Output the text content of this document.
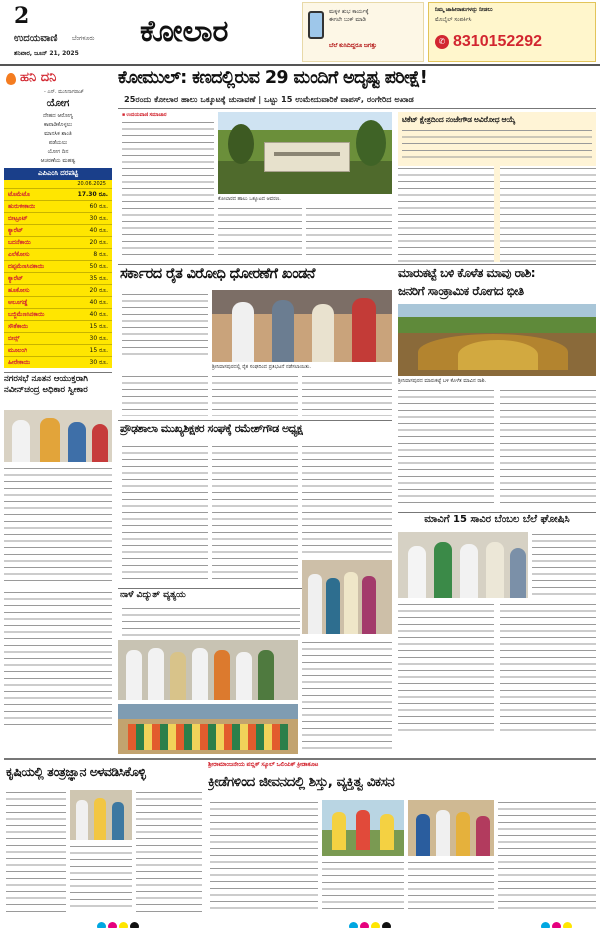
2
ಉದಯವಾಣಿ ಬೆಂಗಳೂರು
ಶನಿವಾರ, ಜೂನ್ 21, 2025
ಕೋಲಾರ
ಮಕ್ಕಳ ಶುಭ ಕಾರ್ಯಕ್ಕೆ
ಈಗಲೇ ಬುಕ್ ಮಾಡಿ
ಬೆಲೆ ಕುಸಿದಿದ್ದರೂ ಜಗತ್ತು
ನಿಮ್ಮ ಜಾಹೀರಾತುಗಳನ್ನು ನೀಡಲು
ಮೊಬೈಲ್ ಸಂಪರ್ಕಿಸಿ
✆ 8310152292
ಹನಿ ದನಿ
- ಎನ್. ಮುನಿನಾಗರಾಜ್
ಯೋಗ
ದೇಹದ ಆರೋಗ್ಯ
ಕಾಪಾಡಿಕೊಳ್ಳಲು
ಮಾನಸಿಕ ಶಾಂತಿ
ಪಡೆಯಲು
ಯೋಗ ದಿನ
ಆಚರಣೆಯ ಮಹತ್ವ
ಎಪಿಎಂಸಿ ದರಪಟ್ಟಿ
20.06.2025
ಟೊಮೆಟೊ	17.30 ರೂ.
ಹುರುಳೀಕಾಯಿ	60 ರೂ.
ಬೀಟ್ರೂಟ್	30 ರೂ.
ಕ್ಯಾರೆಟ್	40 ರೂ.
ಬದನೆಕಾಯಿ	20 ರೂ.
ಎಲೆಕೋಸು	8 ರೂ.
ದಪ್ಪಮೆಣಸಿನಕಾಯಿ	50 ರೂ.
ಕ್ಯಾರೆಟ್	35 ರೂ.
ಹೂಕೋಸು	20 ರೂ.
ಆಲೂಗಡ್ಡೆ	40 ರೂ.
ಬಜ್ಜಿಮೆಣಸಿನಕಾಯಿ	40 ರೂ.
ಸೌತೆಕಾಯಿ	15 ರೂ.
ಬೀನ್ಸ್	30 ರೂ.
ಮೂಲಂಗಿ	15 ರೂ.
ಹೀರೇಕಾಯಿ	30 ರೂ.
ಕೋಮುಲ್: ಕಣದಲ್ಲಿರುವ 29 ಮಂದಿಗೆ ಅದೃಷ್ಟ ಪರೀಕ್ಷೆ!
25ರಂದು ಕೋಲಾರ ಹಾಲು ಒಕ್ಕೂಟಕ್ಕೆ ಚುನಾವಣೆ | ಒಟ್ಟು 15 ಉಮೇದುವಾರಿಕೆ ವಾಪಸ್, ರಂಗೇರಿದ ಅಖಾಡ
■ ಉದಯವಾಣಿ ಸಮಾಚಾರ
ಕೋಲಾರದ ಹಾಲು ಒಕ್ಕೂಟದ ಆವರಣ.
ಟಿಕೆಟ್ ಕ್ಷೇತ್ರದಿಂದ ನಂಜೇಗೌಡ ಅವಿರೋಧ ಆಯ್ಕೆ
ಸರ್ಕಾರದ ರೈತ ವಿರೋಧಿ ಧೋರಣೆಗೆ ಖಂಡನೆ
ಶ್ರೀನಿವಾಸಪುರದಲ್ಲಿ ರೈತ ಸಂಘದಿಂದ ಪ್ರತಿಭಟನೆ ನಡೆಸಲಾಯಿತು.
ಮಾರುಕಟ್ಟೆ ಬಳಿ ಕೊಳೆತ ಮಾವು ರಾಶಿ:
ಜನರಿಗೆ ಸಾಂಕ್ರಾಮಿಕ ರೋಗದ ಭೀತಿ
ಶ್ರೀನಿವಾಸಪುರದ ಮಾರುಕಟ್ಟೆ ಬಳಿ ಕೊಳೆತ ಮಾವಿನ ರಾಶಿ.
ನಗರಸಭೆ ನೂತನ ಆಯುಕ್ತರಾಗಿ ನವೀನ್‌ಚಂದ್ರ ಅಧಿಕಾರ ಸ್ವೀಕಾರ
ಪ್ರೌಢಶಾಲಾ ಮುಖ್ಯಶಿಕ್ಷಕರ ಸಂಘಕ್ಕೆ ರಮೇಶ್‌ಗೌಡ ಅಧ್ಯಕ್ಷ
ಮಾವಿಗೆ 15 ಸಾವಿರ ಬೆಂಬಲ ಬೆಲೆ ಘೋಷಿಸಿ
ನಾಳೆ ವಿದ್ಯುತ್ ವ್ಯತ್ಯಯ
ಕೃಷಿಯಲ್ಲಿ ತಂತ್ರಜ್ಞಾನ ಅಳವಡಿಸಿಕೊಳ್ಳಿ	ಶ್ರೀರಾಮಾಂಜನೇಯ ಪಬ್ಲಿಕ್ ಸ್ಕೂಲ್ ಒಲಿಂಪಿಕ್ ಕ್ರೀಡಾಕೂಟ
ಕ್ರೀಡೆಗಳಿಂದ ಜೀವನದಲ್ಲಿ ಶಿಸ್ತು, ವ್ಯಕ್ತಿತ್ವ ವಿಕಸನ
